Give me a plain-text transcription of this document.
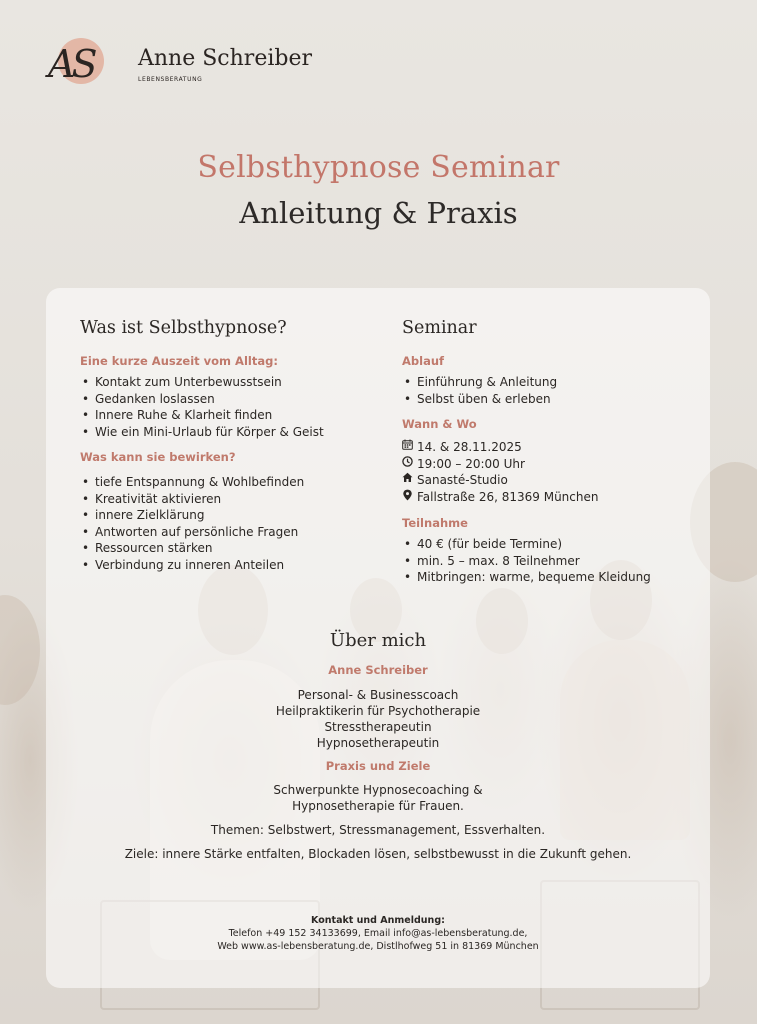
AS Anne Schreiber
LEBENSBERATUNG
Selbsthypnose Seminar
Anleitung & Praxis
Was ist Selbsthypnose?
Eine kurze Auszeit vom Alltag:
• Kontakt zum Unterbewusstsein
• Gedanken loslassen
• Innere Ruhe & Klarheit finden
• Wie ein Mini-Urlaub für Körper & Geist
Was kann sie bewirken?
• tiefe Entspannung & Wohlbefinden
• Kreativität aktivieren
• innere Zielklärung
• Antworten auf persönliche Fragen
• Ressourcen stärken
• Verbindung zu inneren Anteilen
Seminar
Ablauf
• Einführung & Anleitung
• Selbst üben & erleben
Wann & Wo
14. & 28.11.2025
19:00 – 20:00 Uhr
Sanasté-Studio
Fallstraße 26, 81369 München
Teilnahme
• 40 € (für beide Termine)
• min. 5 – max. 8 Teilnehmer
• Mitbringen: warme, bequeme Kleidung
Über mich
Anne Schreiber

Personal- & Businesscoach

Heilpraktikerin für Psychotherapie

Stresstherapeutin

Hypnosetherapeutin

Praxis und Ziele

Schwerpunkte Hypnosecoaching &

Hypnosetherapie für Frauen.

Themen: Selbstwert, Stressmanagement, Essverhalten.

Ziele: innere Stärke entfalten, Blockaden lösen, selbstbewusst in die Zukunft gehen.

Kontakt und Anmeldung:

Telefon +49 152 34133699, Email info@as-lebensberatung.de,

Web www.as-lebensberatung.de, Distlhofweg 51 in 81369 München
